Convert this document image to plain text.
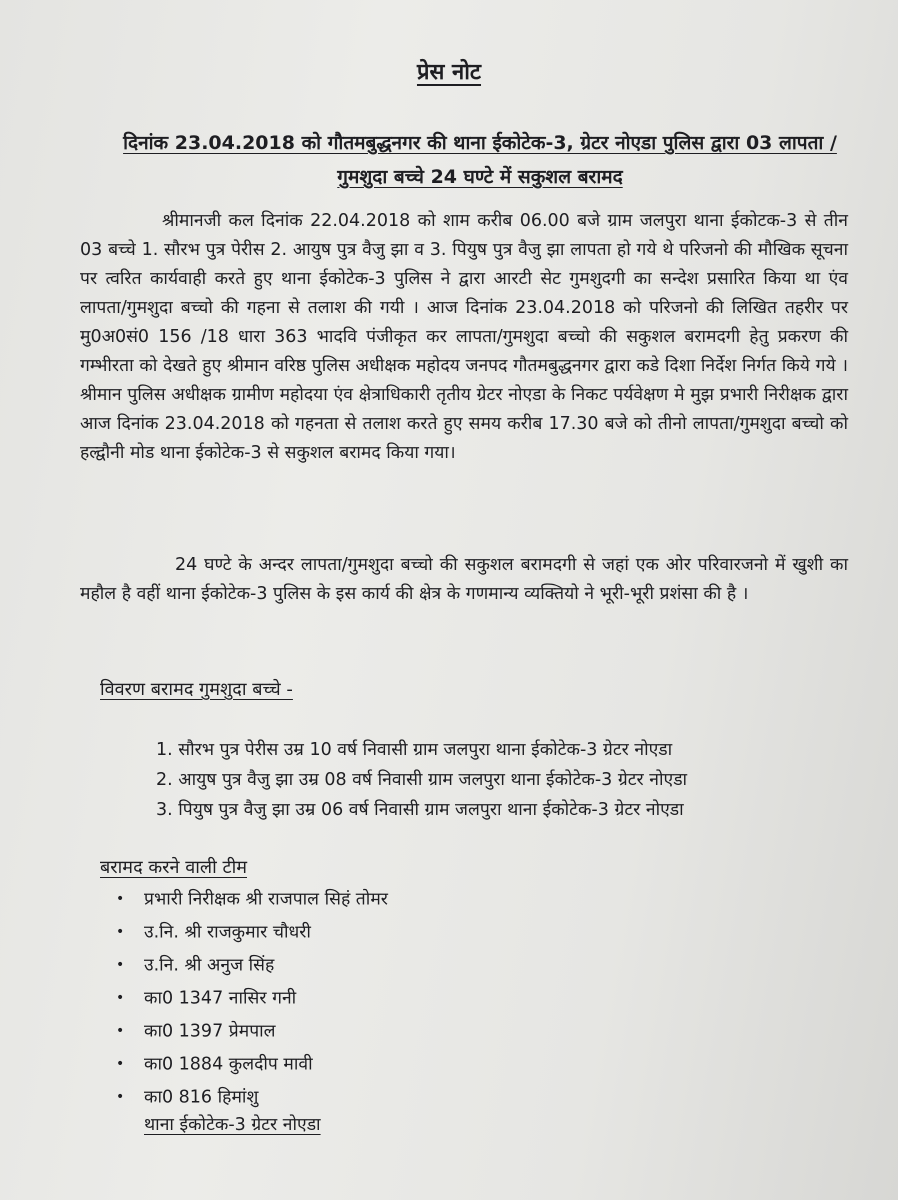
प्रेस नोट

दिनांक 23.04.2018 को गौतमबुद्धनगर की थाना ईकोटेक-3, ग्रेटर नोएडा पुलिस द्वारा 03 लापता /गुमशुदा बच्चे 24 घण्टे में सकुशल बरामद

श्रीमानजी कल दिनांक 22.04.2018 को शाम करीब 06.00 बजे ग्राम जलपुरा थाना ईकोटक-3 से तीन 03 बच्चे 1. सौरभ पुत्र पेरीस 2. आयुष पुत्र वैजु झा व 3. पियुष पुत्र वैजु झा लापता हो गये थे परिजनो की मौखिक सूचना पर त्वरित कार्यवाही करते हुए थाना ईकोटेक-3 पुलिस ने द्वारा आरटी सेट गुमशुदगी का सन्देश प्रसारित किया था एंव लापता/गुमशुदा बच्चो की गहना से तलाश की गयी । आज दिनांक 23.04.2018 को परिजनो की लिखित तहरीर पर मु0अ0सं0 156 /18 धारा 363 भादवि पंजीकृत कर लापता/गुमशुदा बच्चो की सकुशल बरामदगी हेतु प्रकरण की गम्भीरता को देखते हुए श्रीमान वरिष्ठ पुलिस अधीक्षक महोदय जनपद गौतमबुद्धनगर द्वारा कडे दिशा निर्देश निर्गत किये गये । श्रीमान पुलिस अधीक्षक ग्रामीण महोदया एंव क्षेत्राधिकारी तृतीय ग्रेटर नोएडा के निकट पर्यवेक्षण मे मुझ प्रभारी निरीक्षक द्वारा आज दिनांक 23.04.2018 को गहनता से तलाश करते हुए समय करीब 17.30 बजे को तीनो लापता/गुमशुदा बच्चो को हल्द्वौनी मोड थाना ईकोटेक-3 से सकुशल बरामद किया गया।

24 घण्टे के अन्दर लापता/गुमशुदा बच्चो की सकुशल बरामदगी से जहां एक ओर परिवारजनो में खुशी का महौल है वहीं थाना ईकोटेक-3 पुलिस के इस कार्य की क्षेत्र के गणमान्य व्यक्तियो ने भूरी-भूरी प्रशंसा की है ।

विवरण बरामद गुमशुदा बच्चे -

1. सौरभ पुत्र पेरीस उम्र 10 वर्ष निवासी ग्राम जलपुरा थाना ईकोटेक-3 ग्रेटर नोएडा
2. आयुष पुत्र वैजु झा उम्र 08 वर्ष निवासी ग्राम जलपुरा थाना ईकोटेक-3 ग्रेटर नोएडा
3. पियुष पुत्र वैजु झा उम्र 06 वर्ष निवासी ग्राम जलपुरा थाना ईकोटेक-3 ग्रेटर नोएडा

बरामद करने वाली टीम

• प्रभारी निरीक्षक श्री राजपाल सिहं तोमर
• उ.नि. श्री राजकुमार चौधरी
• उ.नि. श्री अनुज सिंह
• का0 1347 नासिर गनी
• का0 1397 प्रेमपाल
• का0 1884 कुलदीप मावी
• का0 816 हिमांशु

थाना ईकोटेक-3 ग्रेटर नोएडा
